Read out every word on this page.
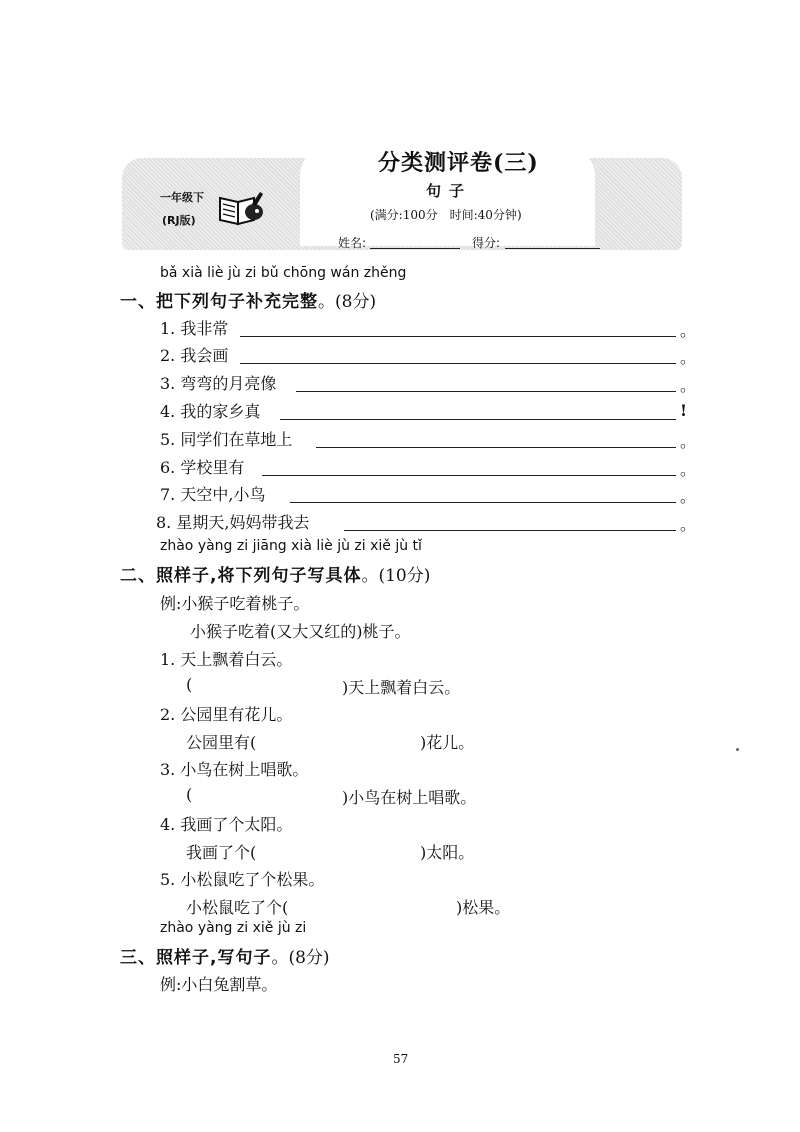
一年级下
(RJ版)
分类测评卷(三)
句子
(满分:100分　时间:40分钟)
姓名:	得分:
bǎ xià liè jù zi bǔ chōng wán zhěng
一、把下列句子补充完整。(8分)
1. 我非常	。
2. 我会画	。
3. 弯弯的月亮像	。
4. 我的家乡真	!
5. 同学们在草地上	。
6. 学校里有	。
7. 天空中,小鸟	。
8. 星期天,妈妈带我去	。
zhào yàng zi jiāng xià liè jù zi xiě jù tǐ
二、照样子,将下列句子写具体。(10分)
例:小猴子吃着桃子。
小猴子吃着(又大又红的)桃子。
1. 天上飘着白云。
(	)天上飘着白云。
2. 公园里有花儿。
公园里有(	)花儿。
3. 小鸟在树上唱歌。
(	)小鸟在树上唱歌。
4. 我画了个太阳。
我画了个(	)太阳。
5. 小松鼠吃了个松果。
小松鼠吃了个(	)松果。
zhào yàng zi xiě jù zi
三、照样子,写句子。(8分)
例:小白兔割草。
57
